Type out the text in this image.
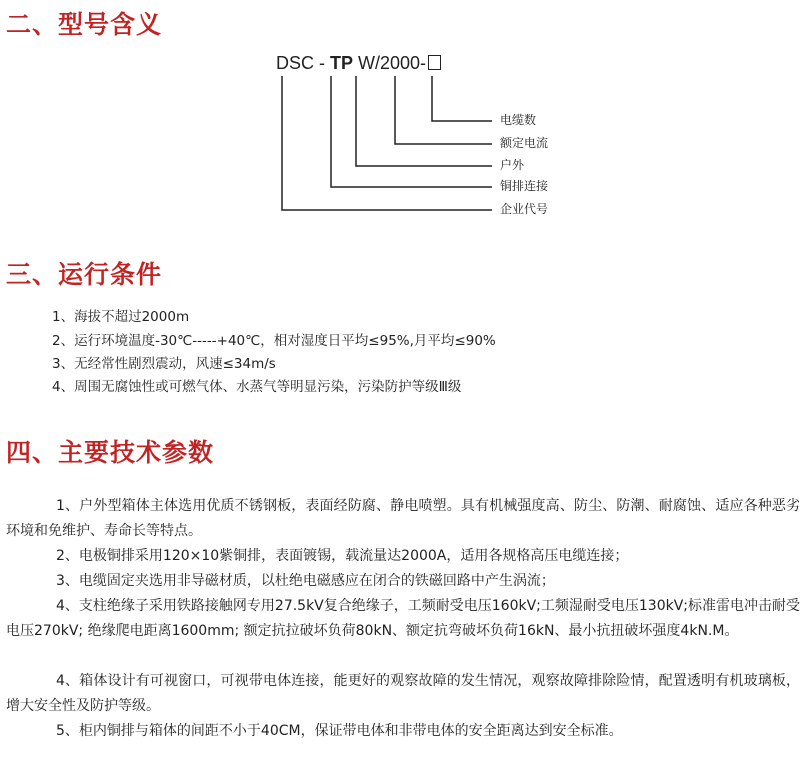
二、型号含义
DSC - TP W/2000-
电缆数
额定电流
户外
铜排连接
企业代号
三、运行条件
1、海拔不超过2000m
2、运行环境温度-30℃-----+40℃，相对湿度日平均≤95%,月平均≤90%
3、无经常性剧烈震动，风速≤34m/s
4、周围无腐蚀性或可燃气体、水蒸气等明显污染，污染防护等级Ⅲ级
四、主要技术参数

1、户外型箱体主体选用优质不锈钢板，表面经防腐、静电喷塑。具有机械强度高、防尘、防潮、耐腐蚀、适应各种恶劣环境和免维护、寿命长等特点。

2、电极铜排采用120×10紫铜排，表面镀锡，载流量达2000A，适用各规格高压电缆连接；

3、电缆固定夹选用非导磁材质，以杜绝电磁感应在闭合的铁磁回路中产生涡流；

4、支柱绝缘子采用铁路接触网专用27.5kV复合绝缘子，工频耐受电压160kV;工频湿耐受电压130kV;标准雷电冲击耐受电压270kV; 绝缘爬电距离1600mm; 额定抗拉破坏负荷80kN、额定抗弯破坏负荷16kN、最小抗扭破坏强度4kN.M。

4、箱体设计有可视窗口，可视带电体连接，能更好的观察故障的发生情况，观察故障排除险情，配置透明有机玻璃板，增大安全性及防护等级。

5、柜内铜排与箱体的间距不小于40CM，保证带电体和非带电体的安全距离达到安全标准。
